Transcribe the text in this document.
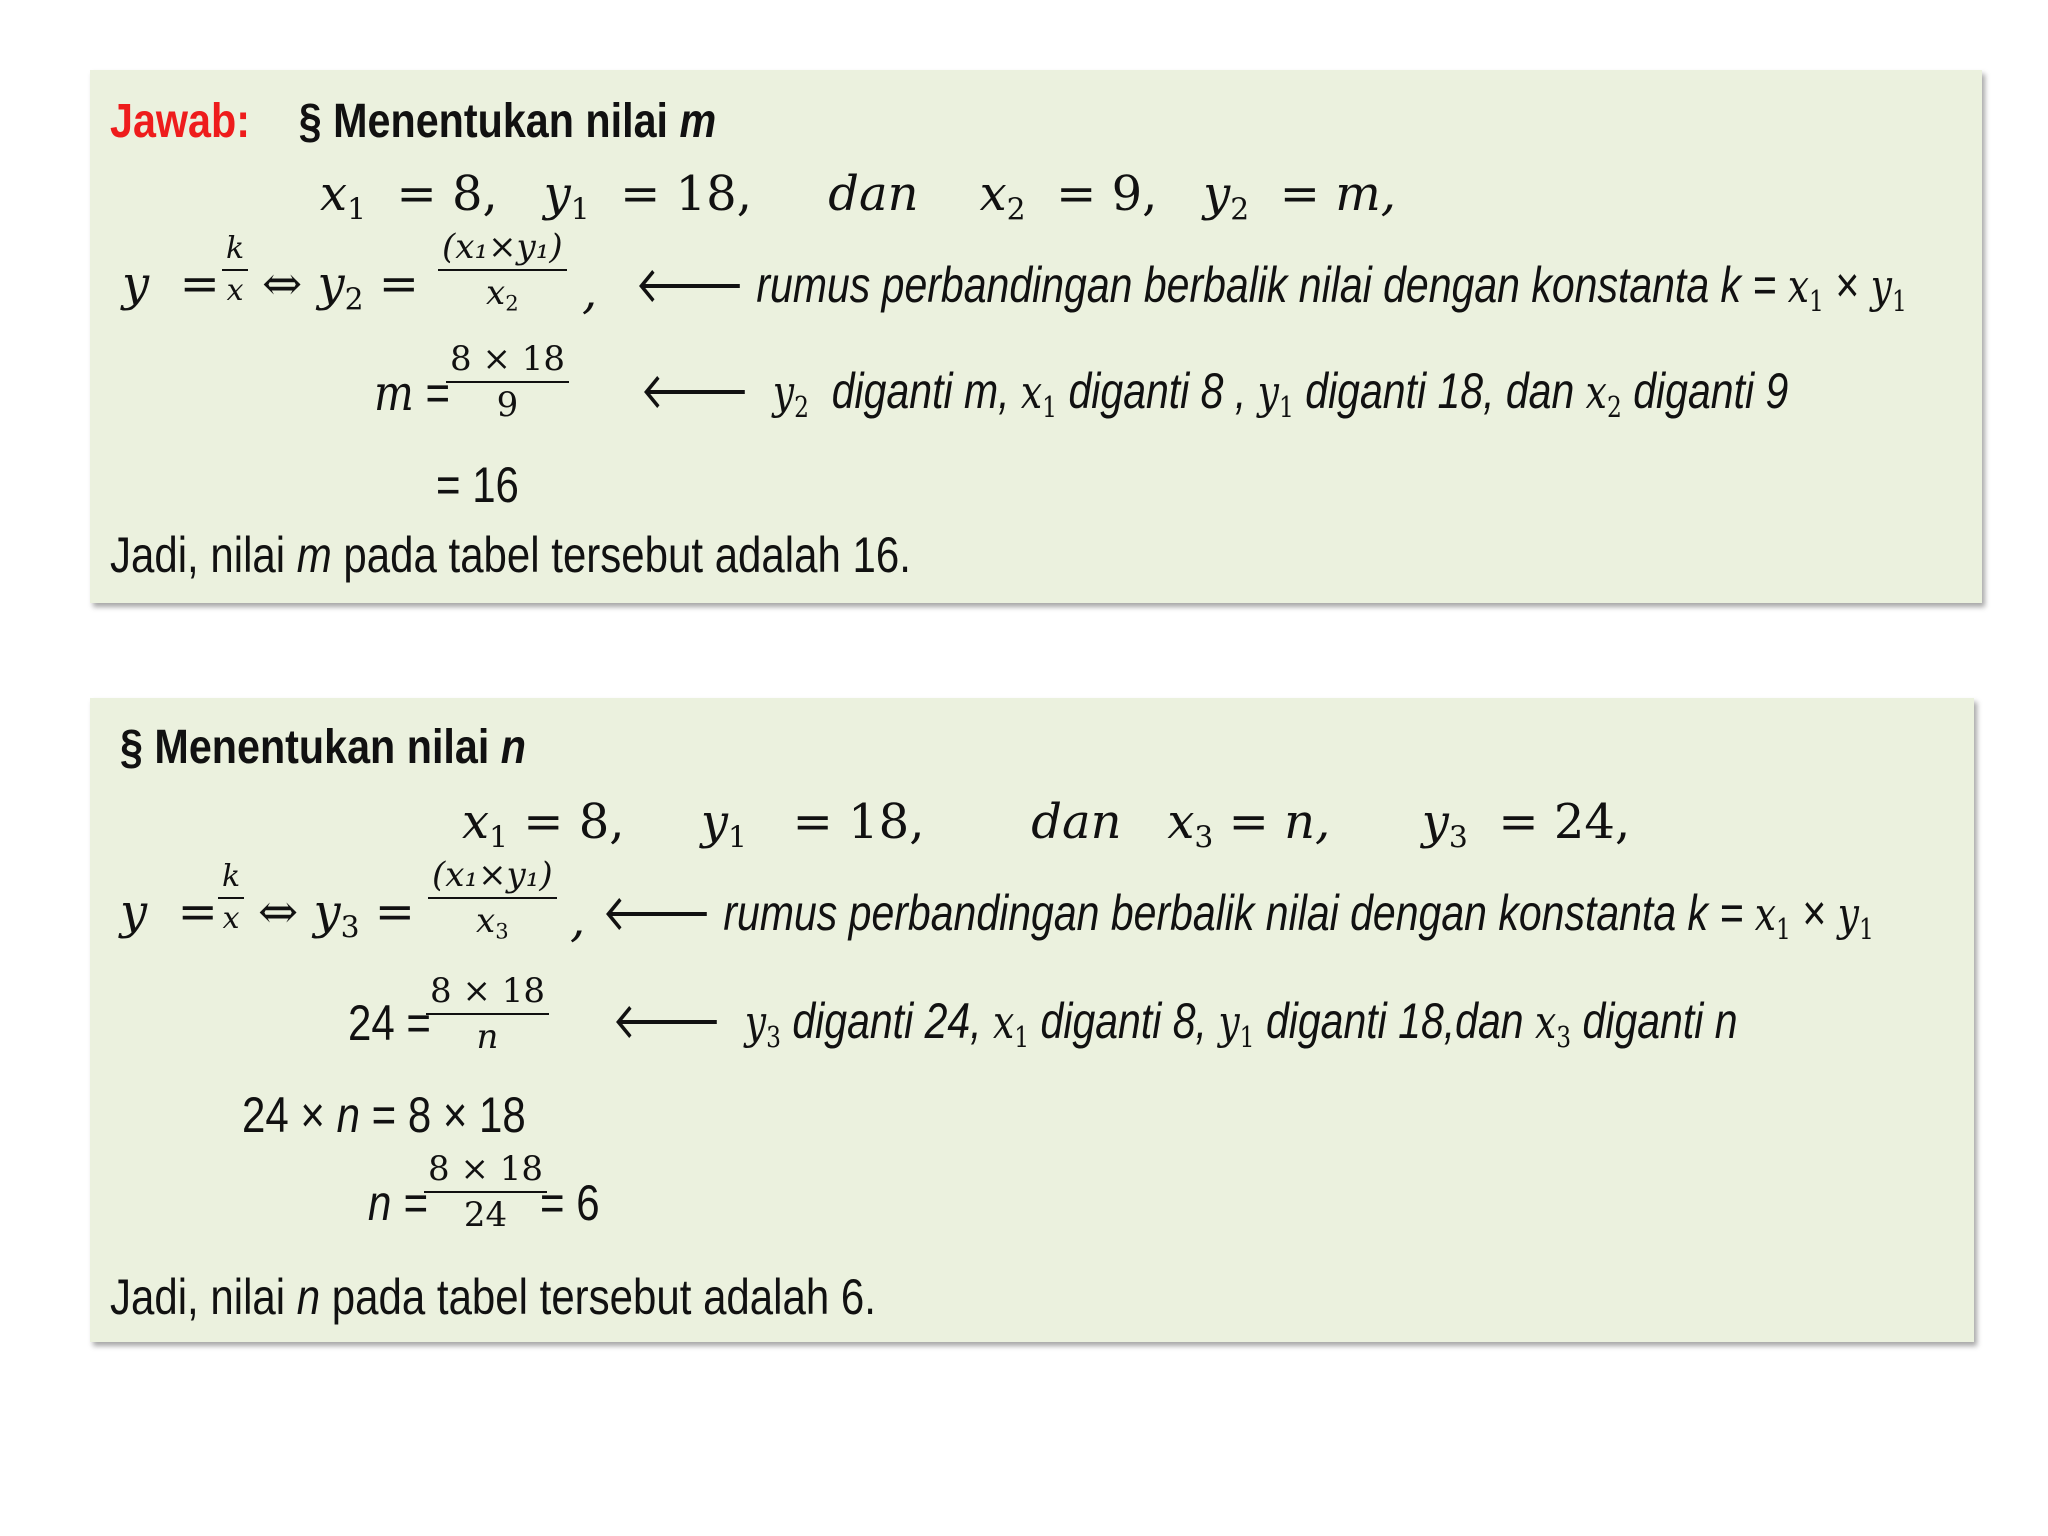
Jawab: § Menentukan nilai m
$x_1 = 8$,   $y_1 = 18$, dan    $x_2 = 9$,   $y_2 = m$,
y  =
k
x ⇔ $y_2$ =
(x₁×y₁)
$x_2$ , 🡐 rumus perbandingan berbalik nilai dengan konstanta $k = x_1 \times y_1$
m =
8 × 18
9 🡐 $y_2$ diganti m, $x_1$ diganti 8 , $y_1$ diganti 18, dan $x_2$ diganti 9
= 16
Jadi, nilai m pada tabel tersebut adalah 16.
§ Menentukan nilai n
$x_1 = 8$,     $y_1 = 18$, dan   $x_3 = n$,      $y_3 = 24$,
y  =
k
x ⇔ $y_3$ =
(x₁×y₁)
$x_3$ , 🡐 rumus perbandingan berbalik nilai dengan konstanta $k = x_1 \times y_1$
24 =
8 × 18
n 🡐 $y_3$ diganti 24, $x_1$ diganti 8, $y_1$ diganti 18,dan $x_3$ diganti n
24 × n = 8 × 18
n =
8 × 18
24 = 6
Jadi, nilai n pada tabel tersebut adalah 6.
